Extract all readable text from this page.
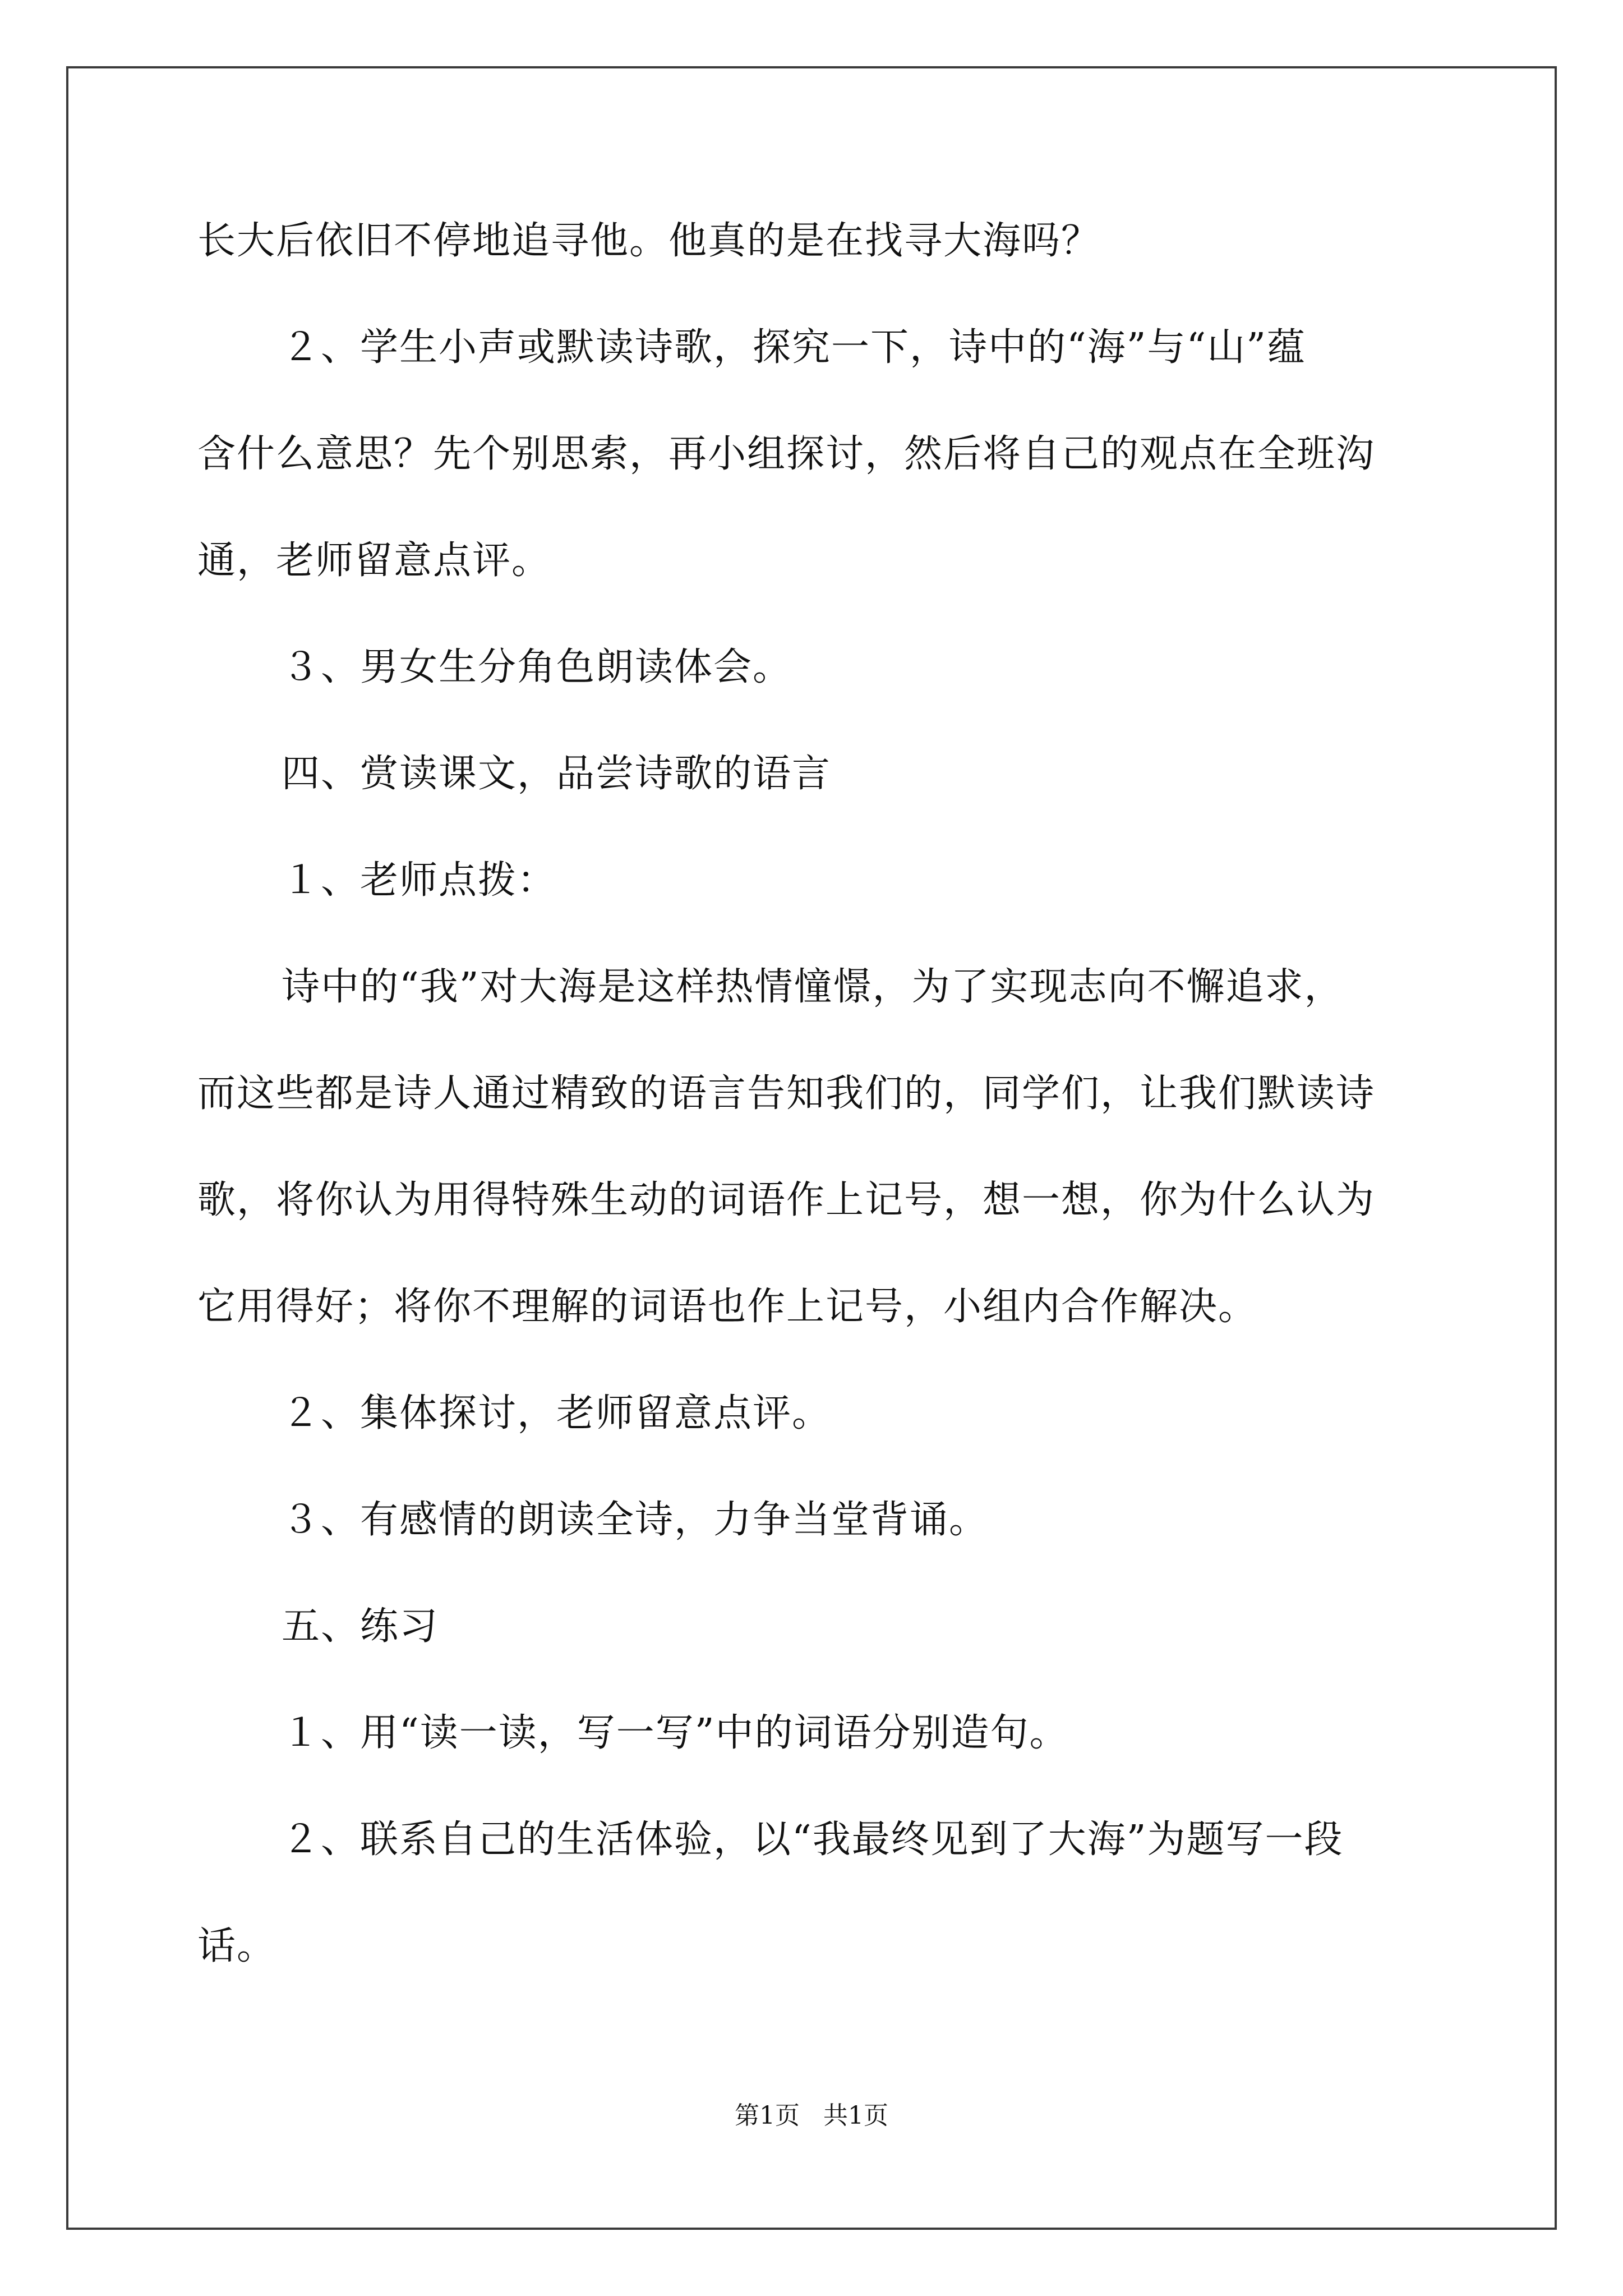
长大后依旧不停地追寻他。他真的是在找寻大海吗？
２、学生小声或默读诗歌，探究一下，诗中的“海”与“山”蕴
含什么意思？先个别思索，再小组探讨，然后将自己的观点在全班沟
通，老师留意点评。
３、男女生分角色朗读体会。
四、赏读课文，品尝诗歌的语言
１、老师点拨：
诗中的“我”对大海是这样热情憧憬，为了实现志向不懈追求，
而这些都是诗人通过精致的语言告知我们的，同学们，让我们默读诗
歌，将你认为用得特殊生动的词语作上记号，想一想，你为什么认为
它用得好；将你不理解的词语也作上记号，小组内合作解决。
２、集体探讨，老师留意点评。
３、有感情的朗读全诗，力争当堂背诵。
五、练习
１、用“读一读，写一写”中的词语分别造句。
２、联系自己的生活体验，以“我最终见到了大海”为题写一段
话。
第1页   共1页
